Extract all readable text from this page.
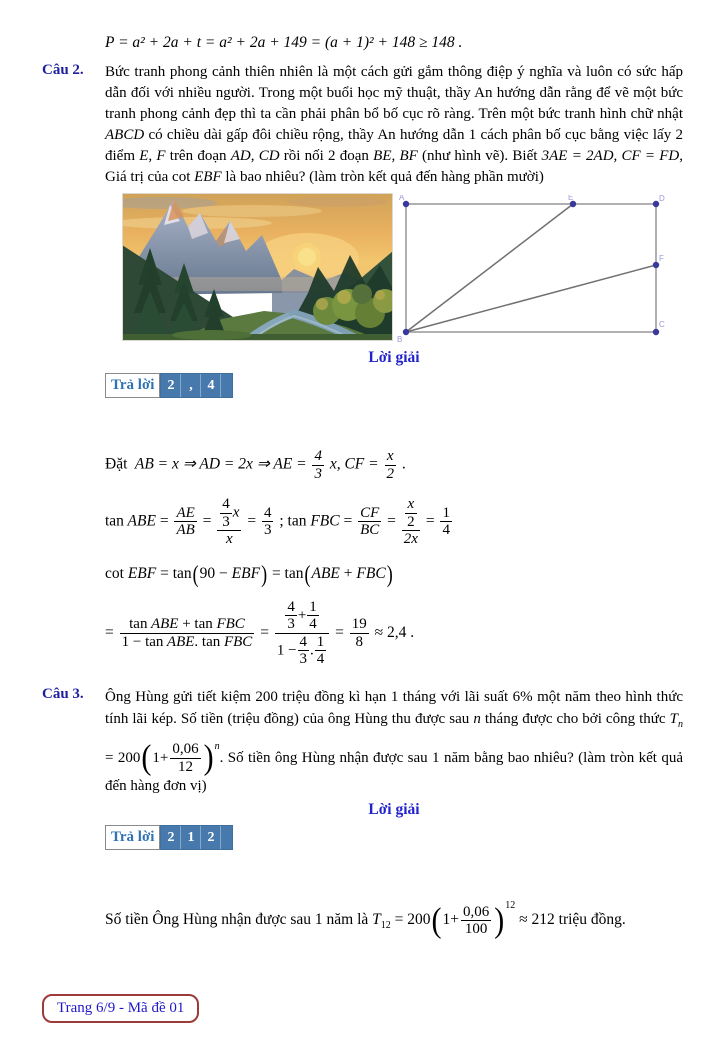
P = a² + 2a + t = a² + 2a + 149 = (a + 1)² + 148 ≥ 148 .
Câu 2.	Bức tranh phong cảnh thiên nhiên là một cách gửi gắm thông điệp ý nghĩa và luôn có sức hấp dẫn đối với nhiều người. Trong một buổi học mỹ thuật, thầy An hướng dẫn rằng để vẽ một bức tranh phong cảnh đẹp thì ta cần phải phân bổ bố cục rõ ràng. Trên một bức tranh hình chữ nhật ABCD có chiều dài gấp đôi chiều rộng, thầy An hướng dẫn 1 cách phân bố cục bằng việc lấy 2 điểm E, F trên đoạn AD, CD rồi nối 2 đoạn BE, BF (như hình vẽ). Biết 3AE = 2AD, CF = FD, Giá trị của cot EBF là bao nhiêu? (làm tròn kết quả đến hàng phần mười)
A	E	D
F
C
B
Lời giải
Trả lời 2	,	4
Đặt AB = x ⇒ AD = 2x ⇒ AE = $\frac{4}{3} x$, CF = $\frac{x}{2}$ .
tan ABE = $\frac{AE}{AB} = \frac{\frac{4}{3} x}{x} = \frac{4}{3}$ ; tan FBC = $\frac{CF}{BC} = \frac{\frac{x}{2}}{2x} = \frac{1}{4}$
cot EBF = tan(90 − EBF) = tan(ABE + FBC)
= $\frac{\text{tan ABE + tan FBC}}{\text{1 − tan ABE. tan FBC}} = \frac{\frac{4}{3} + \frac{1}{4}}{1 - \frac{4}{3} . \frac{1}{4}} = \frac{19}{8} \approx 2,4$ .
Câu 3.	Ông Hùng gửi tiết kiệm 200 triệu đồng kì hạn 1 tháng với lãi suất 6% một năm theo hình thức tính lãi kép. Số tiền (triệu đồng) của ông Hùng thu được sau n tháng được cho bởi công thức $T_n = 200(1+ \frac{0,06}{12} )^n$. Số tiền ông Hùng nhận được sau 1 năm bằng bao nhiêu? (làm tròn kết quả đến hàng đơn vị)
Lời giải
Trả lời 2 1 2
Số tiền Ông Hùng nhận được sau 1 năm là $T_{12} = 200(1+ \frac{0,06}{100} )^{12} \approx 212$ triệu đồng.
Trang 6/9 - Mã đề 01
